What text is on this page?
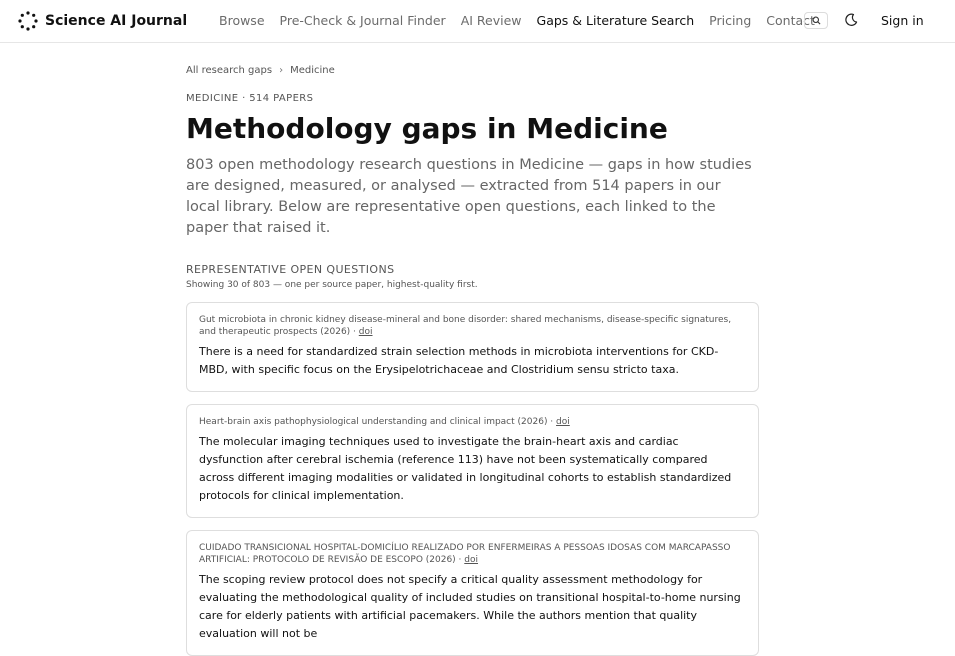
Science AI Journal	Browse Pre-Check & Journal Finder AI Review Gaps & Literature Search Pricing Contact	Sign in
All research gaps › Medicine
MEDICINE · 514 PAPERS
Methodology gaps in Medicine
803 open methodology research questions in Medicine — gaps in how studies are designed, measured, or analysed — extracted from 514 papers in our local library. Below are representative open questions, each linked to the paper that raised it.
REPRESENTATIVE OPEN QUESTIONS
Showing 30 of 803 — one per source paper, highest-quality first.
Gut microbiota in chronic kidney disease-mineral and bone disorder: shared mechanisms, disease-specific signatures, and therapeutic prospects (2026) · doi
There is a need for standardized strain selection methods in microbiota interventions for CKD-MBD, with specific focus on the Erysipelotrichaceae and Clostridium sensu stricto taxa.
Heart-brain axis pathophysiological understanding and clinical impact (2026) · doi
The molecular imaging techniques used to investigate the brain-heart axis and cardiac dysfunction after cerebral ischemia (reference 113) have not been systematically compared across different imaging modalities or validated in longitudinal cohorts to establish standardized protocols for clinical implementation.
CUIDADO TRANSICIONAL HOSPITAL-DOMICÍLIO REALIZADO POR ENFERMEIRAS A PESSOAS IDOSAS COM MARCAPASSO ARTIFICIAL: PROTOCOLO DE REVISÃO DE ESCOPO (2026) · doi
The scoping review protocol does not specify a critical quality assessment methodology for evaluating the methodological quality of included studies on transitional hospital-to-home nursing care for elderly patients with artificial pacemakers. While the authors mention that quality evaluation will not be
